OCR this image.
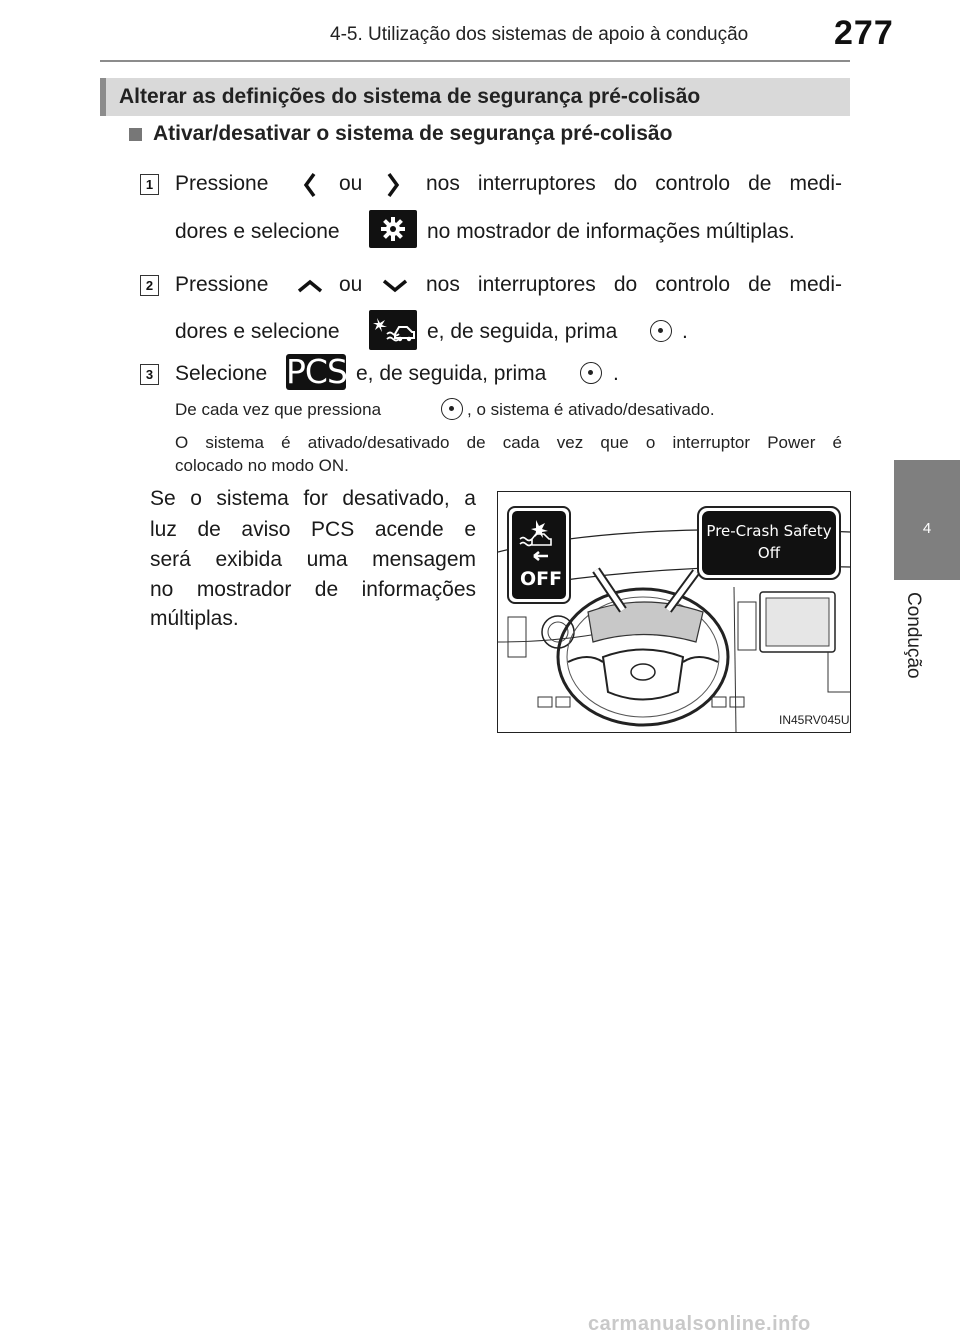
4-5. Utilização dos sistemas de apoio à condução	277
4
Condução
Alterar as definições do sistema de segurança pré-colisão
Ativar/desativar o sistema de segurança pré-colisão
1 Pressione	ou	nos interruptores do controlo de medi-
dores e selecione	no mostrador de informações múltiplas.
2 Pressione	ou	nos interruptores do controlo de medi-
dores e selecione	e, de seguida, prima	.
3 Selecione PCS e, de seguida, prima	.
De cada vez que pressiona	, o sistema é ativado/desativado.
O sistema é ativado/desativado de cada vez que o interruptor Power é
colocado no modo ON.
Se o sistema for desativado, a
luz de aviso PCS acende e
será exibida uma mensagem
no mostrador de informações
múltiplas.
OFF
Pre-Crash Safety
Off
IN45RV045U
carmanualsonline.info
